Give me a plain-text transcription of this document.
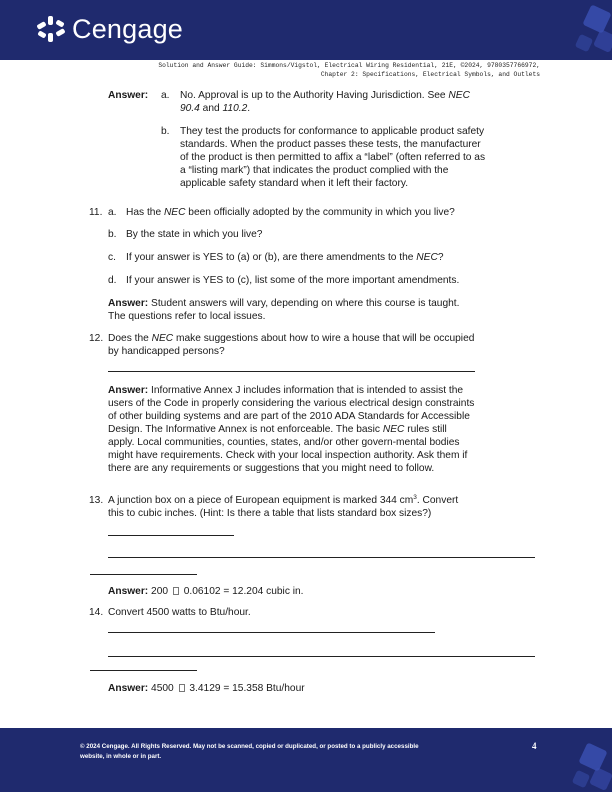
Cengage
Solution and Answer Guide: Simmons/Vigstol, Electrical Wiring Residential, 21E, ©2024, 9780357766972,
Chapter 2: Specifications, Electrical Symbols, and Outlets
Answer: a. No. Approval is up to the Authority Having Jurisdiction. See NEC
90.4 and 110.2.
b. They test the products for conformance to applicable product safety
standards. When the product passes these tests, the manufacturer
of the product is then permitted to affix a “label” (often referred to as
a “listing mark”) that indicates the product complied with the
applicable safety standard when it left their factory.
11. a. Has the NEC been officially adopted by the community in which you live?
b. By the state in which you live?
c. If your answer is YES to (a) or (b), are there amendments to the NEC?
d. If your answer is YES to (c), list some of the more important amendments.
Answer: Student answers will vary, depending on where this course is taught.
The questions refer to local issues.
12. Does the NEC make suggestions about how to wire a house that will be occupied
by handicapped persons?
Answer: Informative Annex J includes information that is intended to assist the
users of the Code in properly considering the various electrical design constraints
of other building systems and are part of the 2010 ADA Standards for Accessible
Design. The Informative Annex is not enforceable. The basic NEC rules still
apply. Local communities, counties, states, and/or other govern-mental bodies
might have requirements. Check with your local inspection authority. Ask them if
there are any requirements or suggestions that you might need to follow.
13. A junction box on a piece of European equipment is marked 344 $cm^3$. Convert
this to cubic inches. (Hint: Is there a table that lists standard box sizes?)
Answer: 200  0.06102 = 12.204 cubic in.
14. Convert 4500 watts to Btu/hour.
Answer: 4500  3.4129 = 15.358 Btu/hour
© 2024 Cengage. All Rights Reserved. May not be scanned, copied or duplicated, or posted to a publicly accessible
website, in whole or in part.
4
